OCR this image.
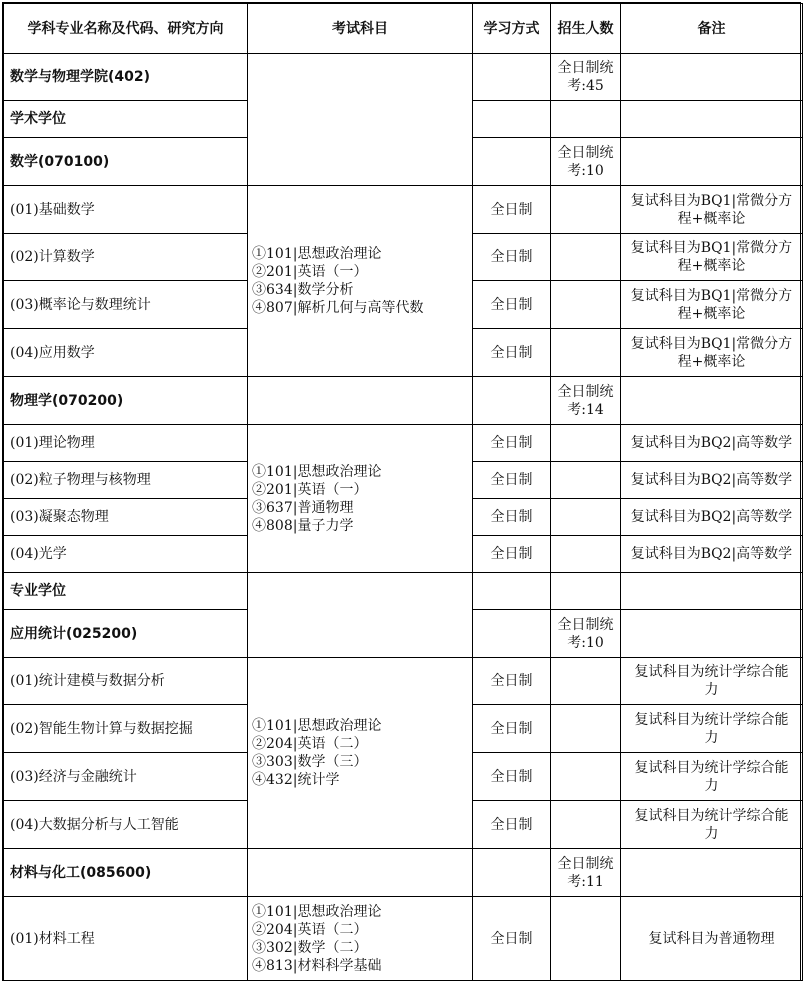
学科专业名称及代码、研究方向	考试科目	学习方式	招生人数	备注
数学与物理学院(402)			全日制统
考:45	

学术学位				
数学(070100)			全日制统
考:10	

(01)基础数学	①101|思想政治理论
②201|英语（一）
③634|数学分析
④807|解析几何与高等代数	全日制		复试科目为BQ1|常微分方
程+概率论

(02)计算数学		全日制		复试科目为BQ1|常微分方
程+概率论

(03)概率论与数理统计		全日制		复试科目为BQ1|常微分方
程+概率论

(04)应用数学		全日制		复试科目为BQ1|常微分方
程+概率论

物理学(070200)			全日制统
考:14	

(01)理论物理	①101|思想政治理论
②201|英语（一）
③637|普通物理
④808|量子力学	全日制		复试科目为BQ2|高等数学

(02)粒子物理与核物理		全日制		复试科目为BQ2|高等数学

(03)凝聚态物理		全日制		复试科目为BQ2|高等数学

(04)光学		全日制		复试科目为BQ2|高等数学

专业学位				
应用统计(025200)			全日制统
考:10	

(01)统计建模与数据分析	①101|思想政治理论
②204|英语（二）
③303|数学（三）
④432|统计学	全日制		复试科目为统计学综合能
力

(02)智能生物计算与数据挖掘		全日制		复试科目为统计学综合能
力

(03)经济与金融统计		全日制		复试科目为统计学综合能
力

(04)大数据分析与人工智能		全日制		复试科目为统计学综合能
力

材料与化工(085600)			全日制统
考:11	

(01)材料工程	①101|思想政治理论
②204|英语（二）
③302|数学（二）
④813|材料科学基础	全日制		复试科目为普通物理
